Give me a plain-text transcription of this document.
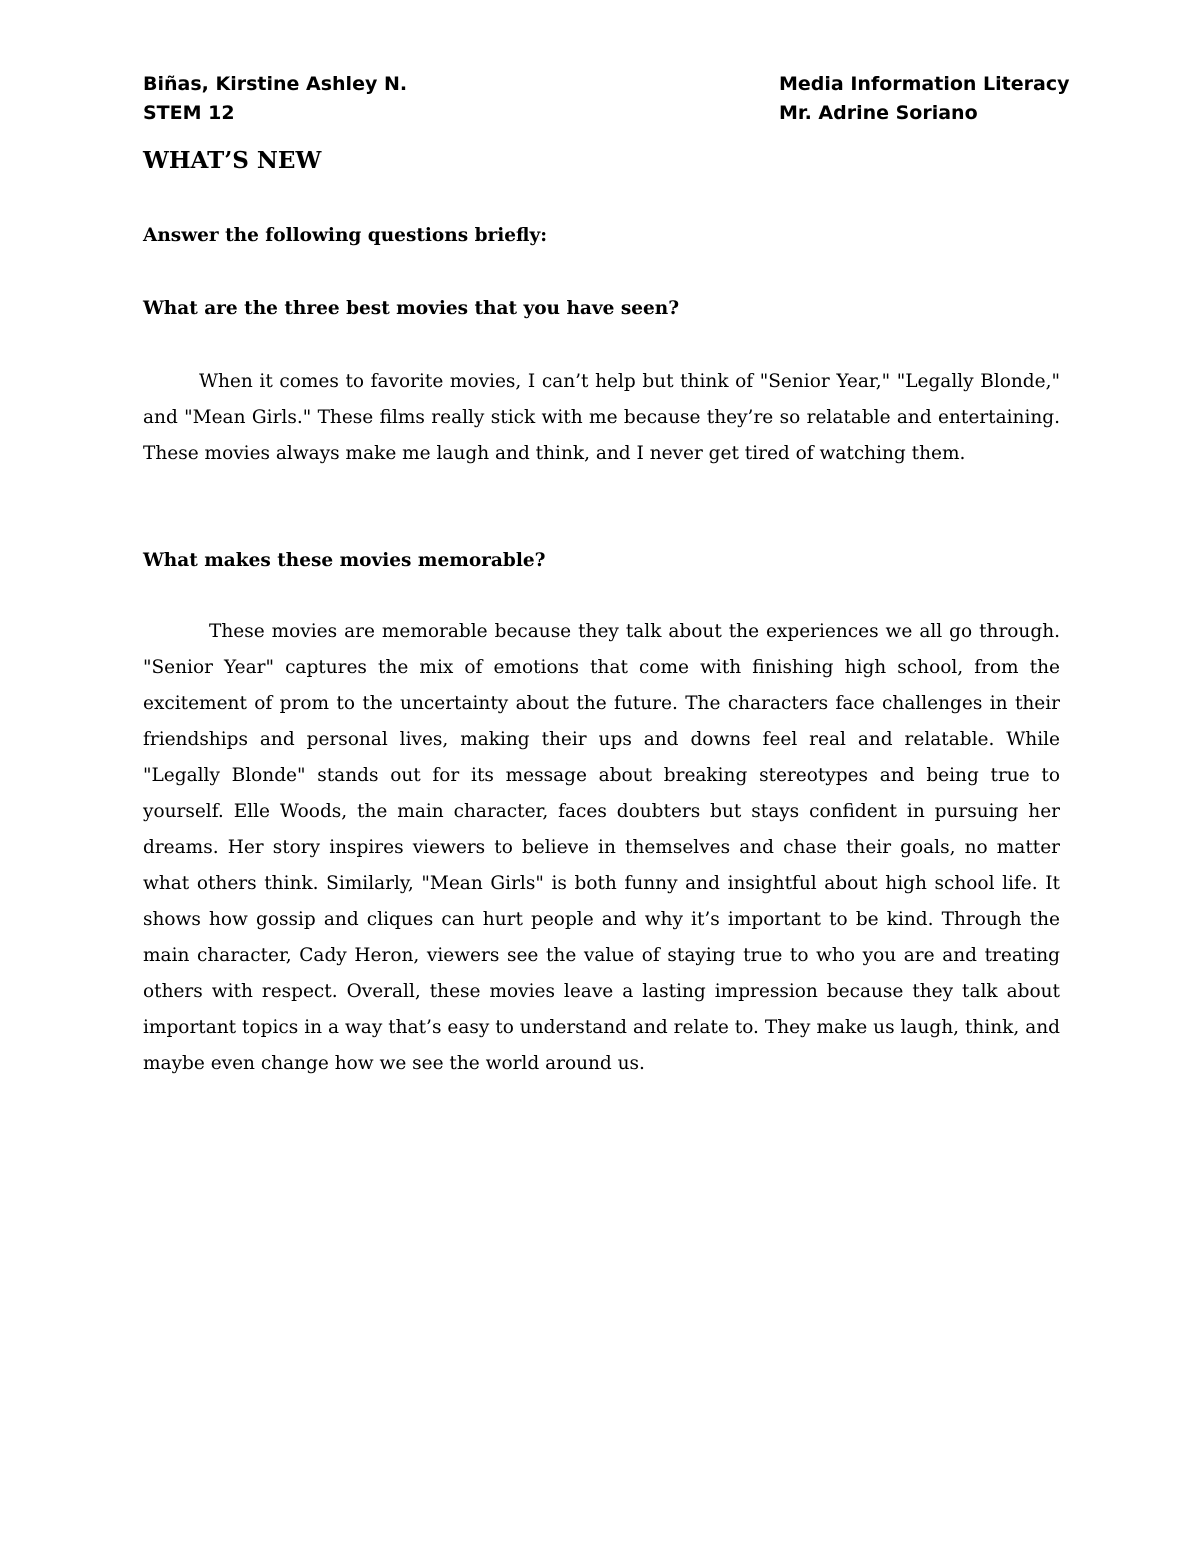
Biñas, Kirstine Ashley N.
STEM 12
Media Information Literacy
Mr. Adrine Soriano
WHAT’S NEW
Answer the following questions briefly:
What are the three best movies that you have seen?

When it comes to favorite movies, I can’t help but think of "Senior Year," "Legally Blonde," and "Mean Girls." These films really stick with me because they’re so relatable and entertaining. These movies always make me laugh and think, and I never get tired of watching them.

What makes these movies memorable?

These movies are memorable because they talk about the experiences we all go through. "Senior Year" captures the mix of emotions that come with finishing high school, from the excitement of prom to the uncertainty about the future. The characters face challenges in their friendships and personal lives, making their ups and downs feel real and relatable. While "Legally Blonde" stands out for its message about breaking stereotypes and being true to yourself. Elle Woods, the main character, faces doubters but stays confident in pursuing her dreams. Her story inspires viewers to believe in themselves and chase their goals, no matter what others think. Similarly, "Mean Girls" is both funny and insightful about high school life. It shows how gossip and cliques can hurt people and why it’s important to be kind. Through the main character, Cady Heron, viewers see the value of staying true to who you are and treating others with respect. Overall, these movies leave a lasting impression because they talk about important topics in a way that’s easy to understand and relate to. They make us laugh, think, and maybe even change how we see the world around us.
